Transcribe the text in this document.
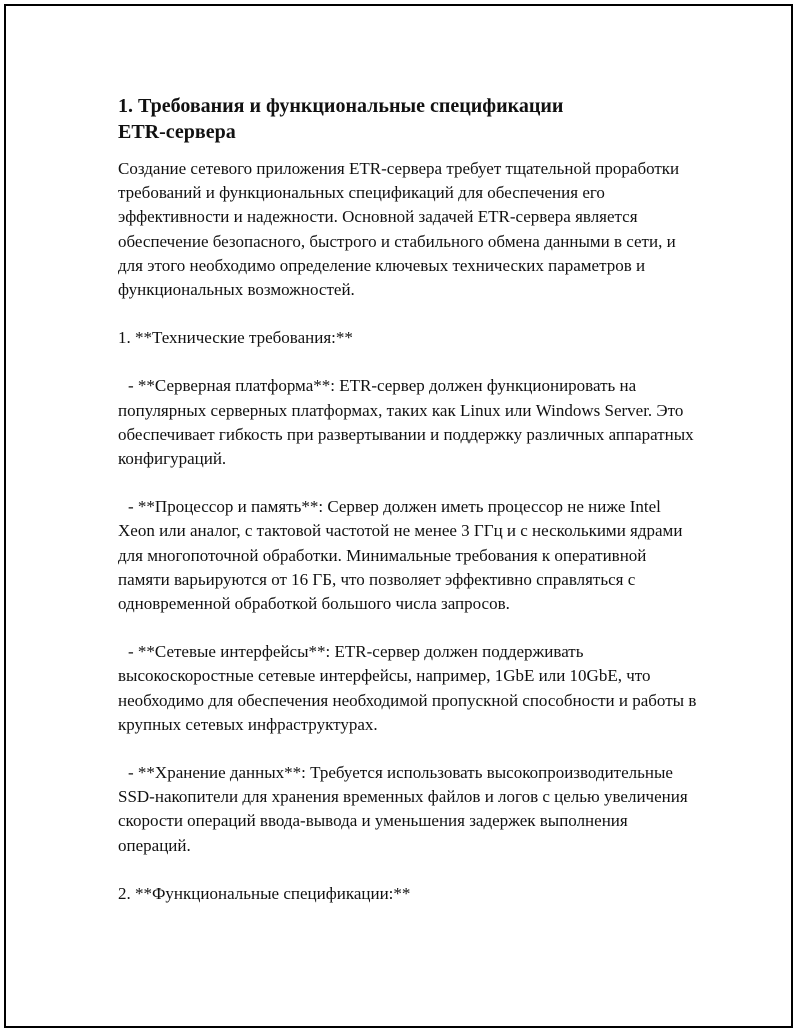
1. Требования и функциональные спецификации
ETR-сервера

Создание сетевого приложения ETR-сервера требует тщательной проработки требований и функциональных спецификаций для обеспечения его эффективности и надежности. Основной задачей ETR-сервера является обеспечение безопасного, быстрого и стабильного обмена данными в сети, и для этого необходимо определение ключевых технических параметров и функциональных возможностей.

1. **Технические требования:**

- **Серверная платформа**: ETR-сервер должен функционировать на популярных серверных платформах, таких как Linux или Windows Server. Это обеспечивает гибкость при развертывании и поддержку различных аппаратных конфигураций.

- **Процессор и память**: Сервер должен иметь процессор не ниже Intel Xeon или аналог, с тактовой частотой не менее 3 ГГц и с несколькими ядрами для многопоточной обработки. Минимальные требования к оперативной памяти варьируются от 16 ГБ, что позволяет эффективно справляться с одновременной обработкой большого числа запросов.

- **Сетевые интерфейсы**: ETR-сервер должен поддерживать высокоскоростные сетевые интерфейсы, например, 1GbE или 10GbE, что необходимо для обеспечения необходимой пропускной способности и работы в крупных сетевых инфраструктурах.

- **Хранение данных**: Требуется использовать высокопроизводительные SSD-накопители для хранения временных файлов и логов с целью увеличения скорости операций ввода-вывода и уменьшения задержек выполнения операций.

2. **Функциональные спецификации:**
